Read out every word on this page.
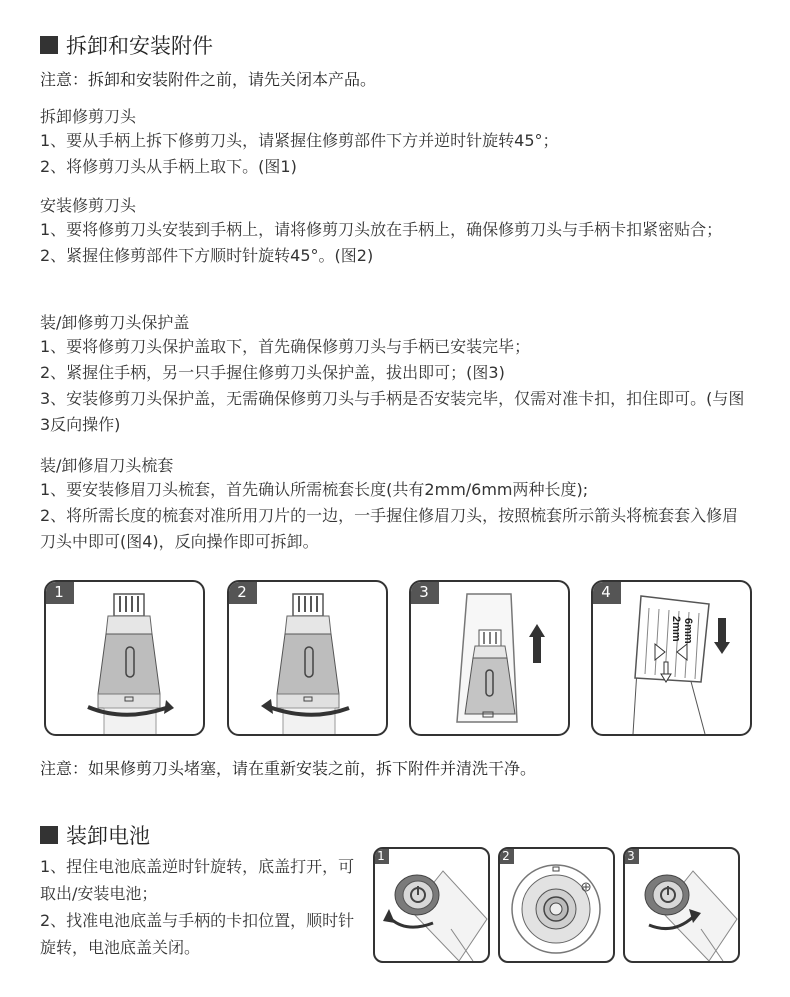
拆卸和安装附件
注意：拆卸和安装附件之前，请先关闭本产品。
拆卸修剪刀头
1、要从手柄上拆下修剪刀头，请紧握住修剪部件下方并逆时针旋转45°；
2、将修剪刀头从手柄上取下。(图1)
安装修剪刀头
1、要将修剪刀头安装到手柄上，请将修剪刀头放在手柄上，确保修剪刀头与手柄卡扣紧密贴合；
2、紧握住修剪部件下方顺时针旋转45°。(图2)
装/卸修剪刀头保护盖
1、要将修剪刀头保护盖取下，首先确保修剪刀头与手柄已安装完毕；
2、紧握住手柄，另一只手握住修剪刀头保护盖，拔出即可；(图3)
3、安装修剪刀头保护盖，无需确保修剪刀头与手柄是否安装完毕，仅需对准卡扣，扣住即可。(与图3反向操作)
装/卸修眉刀头梳套
1、要安装修眉刀头梳套，首先确认所需梳套长度(共有2mm/6mm两种长度);
2、将所需长度的梳套对准所用刀片的一边，一手握住修眉刀头，按照梳套所示箭头将梳套套入修眉刀头中即可(图4)，反向操作即可拆卸。
1	2	3
6mm
2mm
4
注意：如果修剪刀头堵塞，请在重新安装之前，拆下附件并清洗干净。
装卸电池
1、捏住电池底盖逆时针旋转，底盖打开，可取出/安装电池；
2、找准电池底盖与手柄的卡扣位置，顺时针旋转，电池底盖关闭。
1	2	3
